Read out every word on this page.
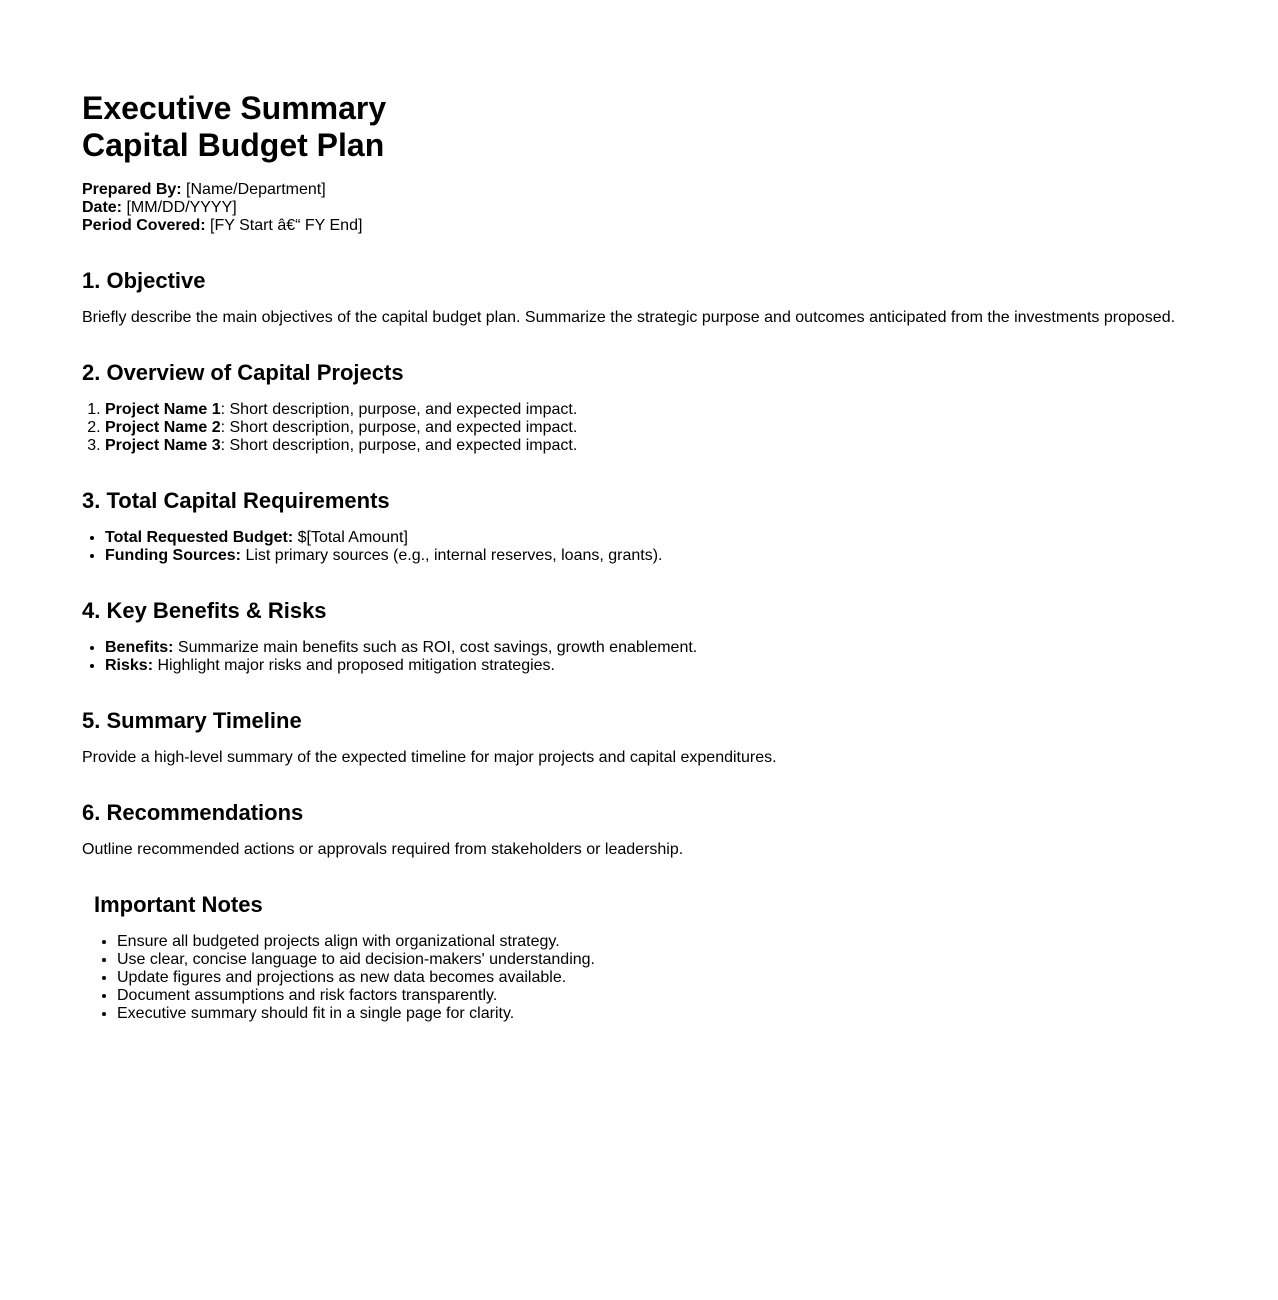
Executive Summary
Capital Budget Plan
Prepared By: [Name/Department]
Date: [MM/DD/YYYY]
Period Covered: [FY Start â€“ FY End]
1. Objective

Briefly describe the main objectives of the capital budget plan. Summarize the strategic purpose and outcomes anticipated from the investments proposed.

2. Overview of Capital Projects
1. Project Name 1: Short description, purpose, and expected impact.
2. Project Name 2: Short description, purpose, and expected impact.
3. Project Name 3: Short description, purpose, and expected impact.
3. Total Capital Requirements
• Total Requested Budget: $[Total Amount]
• Funding Sources: List primary sources (e.g., internal reserves, loans, grants).
4. Key Benefits & Risks
• Benefits: Summarize main benefits such as ROI, cost savings, growth enablement.
• Risks: Highlight major risks and proposed mitigation strategies.
5. Summary Timeline

Provide a high-level summary of the expected timeline for major projects and capital expenditures.

6. Recommendations

Outline recommended actions or approvals required from stakeholders or leadership.

Important Notes
• Ensure all budgeted projects align with organizational strategy.
• Use clear, concise language to aid decision-makers' understanding.
• Update figures and projections as new data becomes available.
• Document assumptions and risk factors transparently.
• Executive summary should fit in a single page for clarity.
